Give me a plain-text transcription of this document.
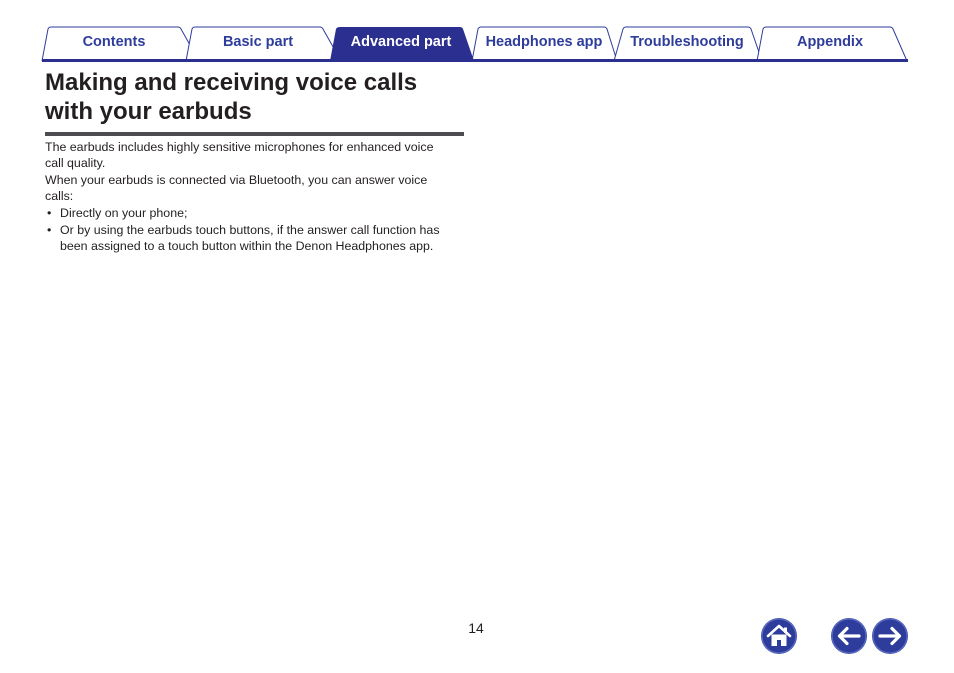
Contents	Basic part	Advanced part	Headphones app	Troubleshooting	Appendix
Making and receiving voice calls with your earbuds

The earbuds includes highly sensitive microphones for enhanced voice call quality.

When your earbuds is connected via Bluetooth, you can answer voice calls:

• Directly on your phone;
• Or by using the earbuds touch buttons, if the answer call function has been assigned to a touch button within the Denon Headphones app.
14
